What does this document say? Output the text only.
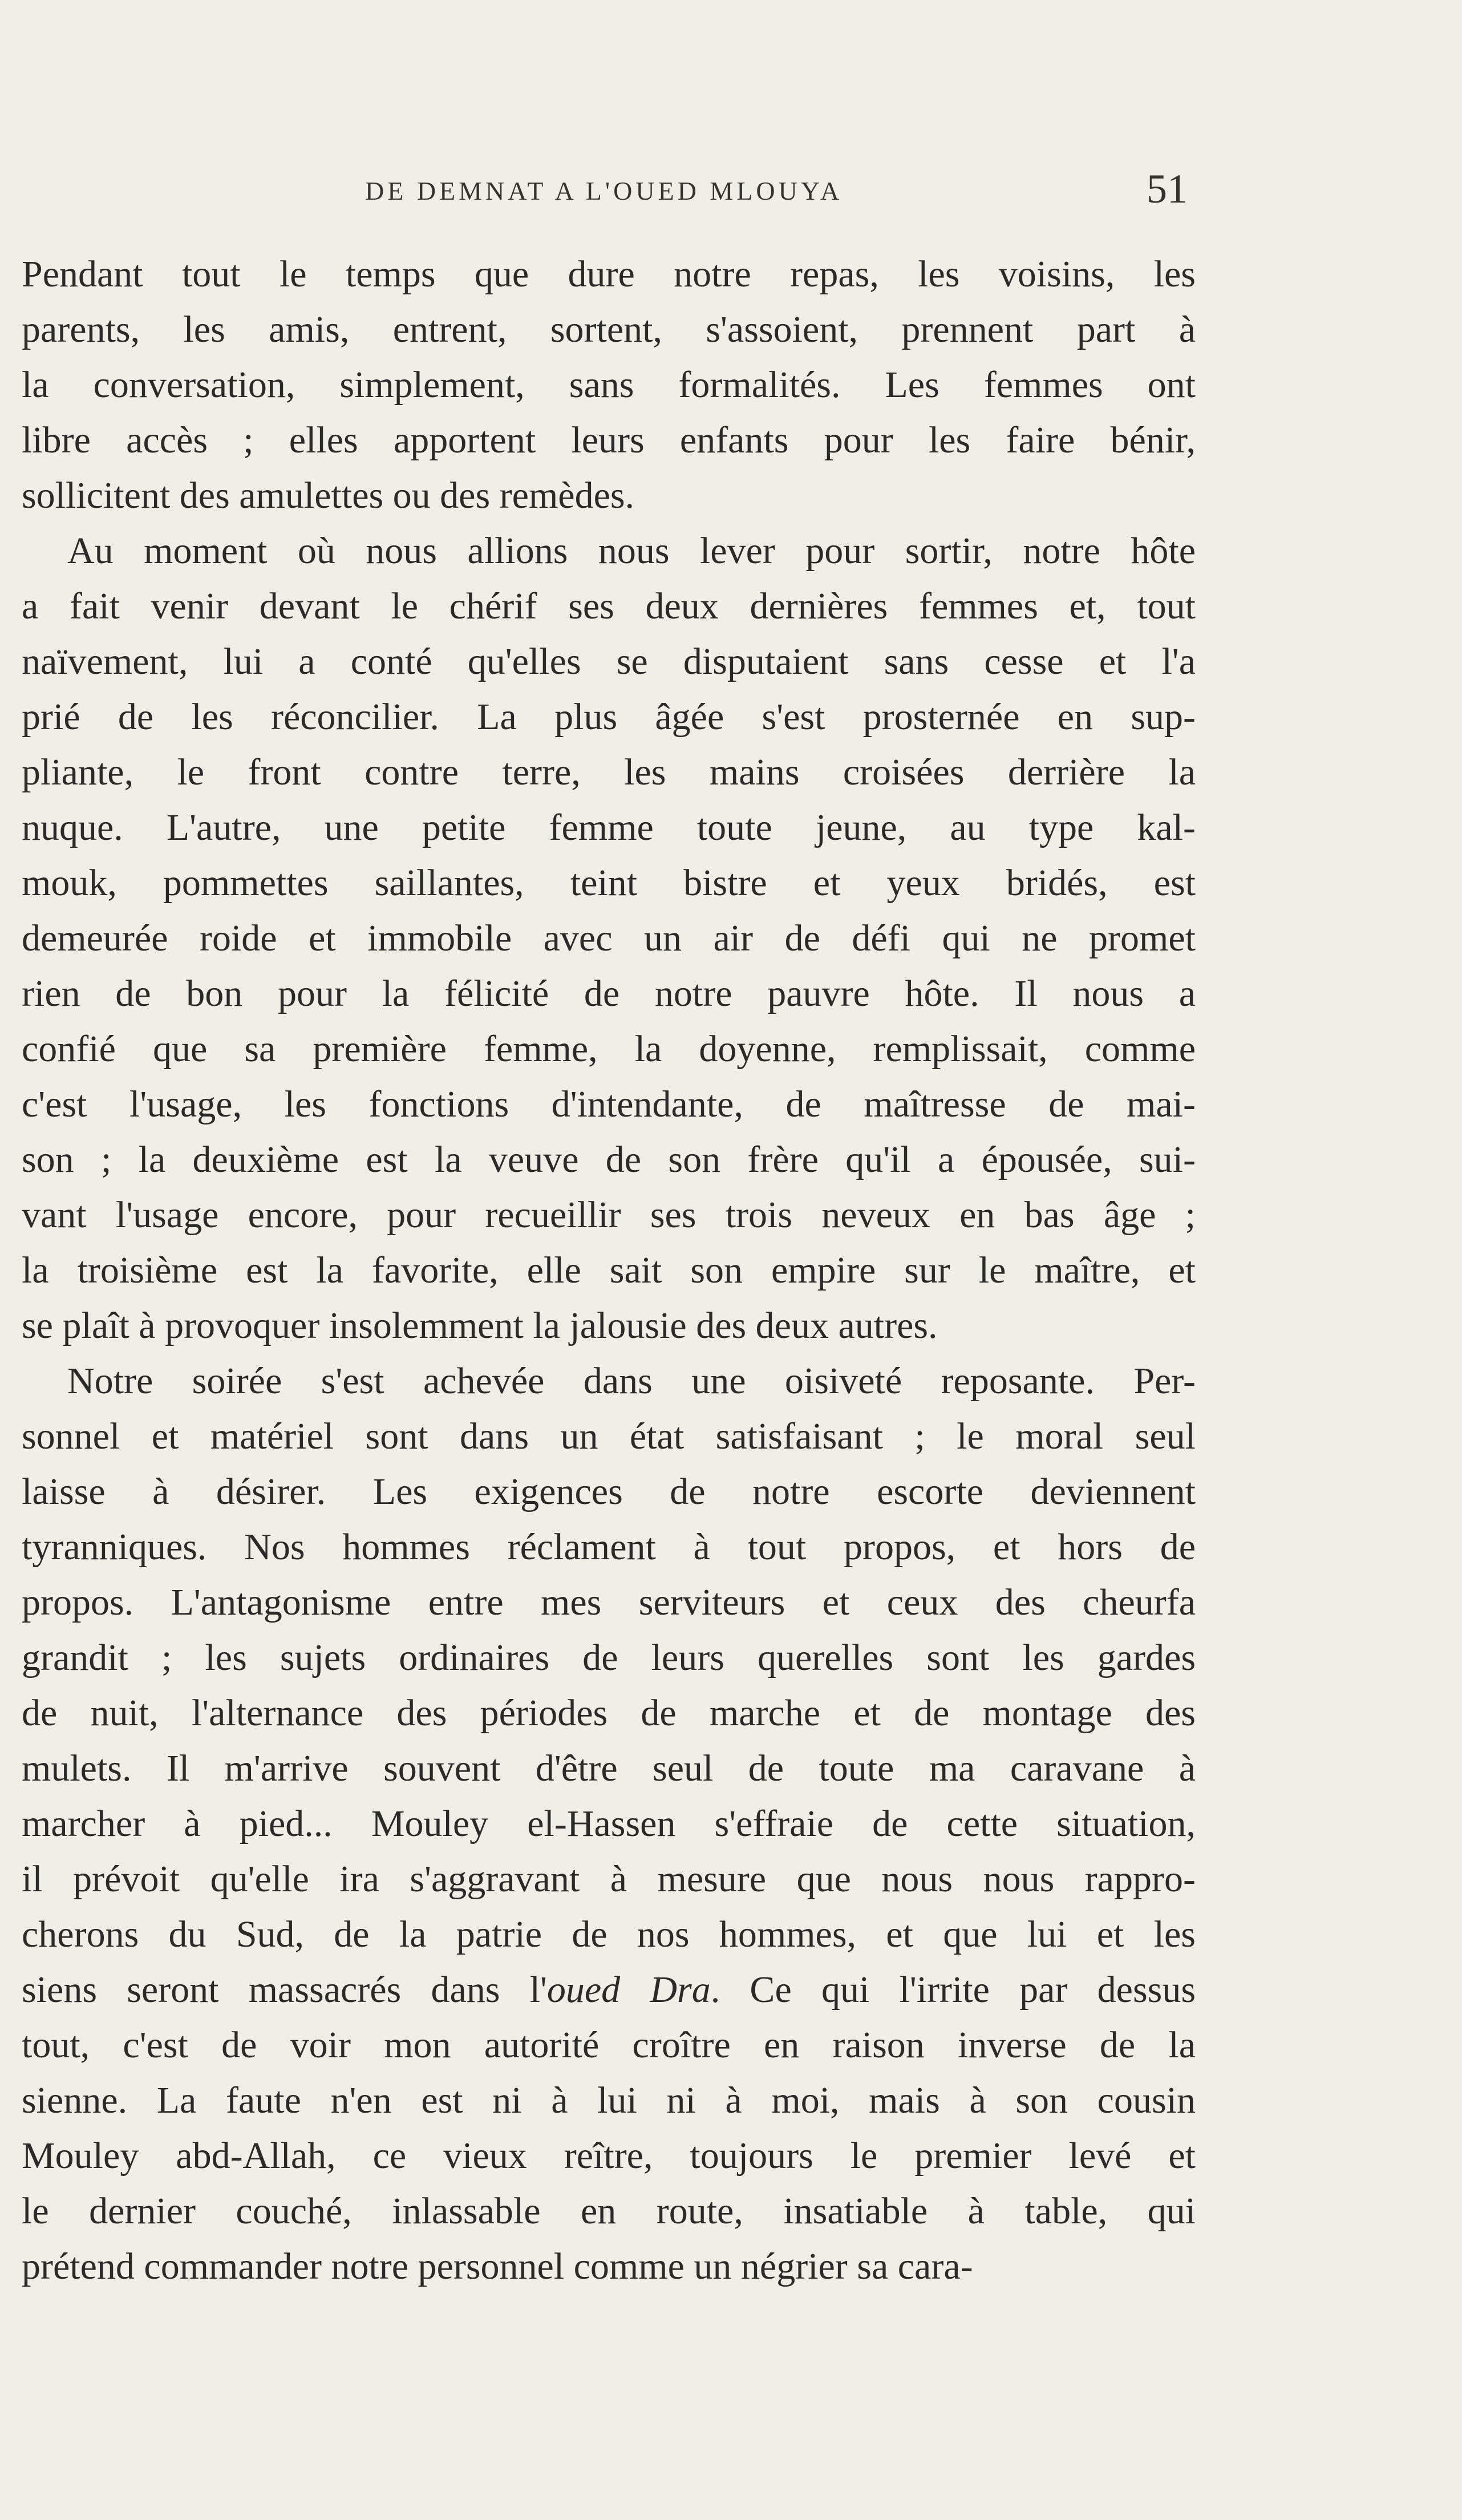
DE DEMNAT A L'OUED MLOUYA	51
Pendant tout le temps que dure notre repas, les voisins, les
parents, les amis, entrent, sortent, s'assoient, prennent part à
la conversation, simplement, sans formalités. Les femmes ont
libre accès ; elles apportent leurs enfants pour les faire bénir,
sollicitent des amulettes ou des remèdes.
Au moment où nous allions nous lever pour sortir, notre hôte
a fait venir devant le chérif ses deux dernières femmes et, tout
naïvement, lui a conté qu'elles se disputaient sans cesse et l'a
prié de les réconcilier. La plus âgée s'est prosternée en sup-
pliante, le front contre terre, les mains croisées derrière la
nuque. L'autre, une petite femme toute jeune, au type kal-
mouk, pommettes saillantes, teint bistre et yeux bridés, est
demeurée roide et immobile avec un air de défi qui ne promet
rien de bon pour la félicité de notre pauvre hôte. Il nous a
confié que sa première femme, la doyenne, remplissait, comme
c'est l'usage, les fonctions d'intendante, de maîtresse de mai-
son ; la deuxième est la veuve de son frère qu'il a épousée, sui-
vant l'usage encore, pour recueillir ses trois neveux en bas âge ;
la troisième est la favorite, elle sait son empire sur le maître, et
se plaît à provoquer insolemment la jalousie des deux autres.
Notre soirée s'est achevée dans une oisiveté reposante. Per-
sonnel et matériel sont dans un état satisfaisant ; le moral seul
laisse à désirer. Les exigences de notre escorte deviennent
tyranniques. Nos hommes réclament à tout propos, et hors de
propos. L'antagonisme entre mes serviteurs et ceux des cheurfa
grandit ; les sujets ordinaires de leurs querelles sont les gardes
de nuit, l'alternance des périodes de marche et de montage des
mulets. Il m'arrive souvent d'être seul de toute ma caravane à
marcher à pied... Mouley el-Hassen s'effraie de cette situation,
il prévoit qu'elle ira s'aggravant à mesure que nous nous rappro-
cherons du Sud, de la patrie de nos hommes, et que lui et les
siens seront massacrés dans l'oued Dra. Ce qui l'irrite par dessus
tout, c'est de voir mon autorité croître en raison inverse de la
sienne. La faute n'en est ni à lui ni à moi, mais à son cousin
Mouley abd-Allah, ce vieux reître, toujours le premier levé et
le dernier couché, inlassable en route, insatiable à table, qui
prétend commander notre personnel comme un négrier sa cara-
